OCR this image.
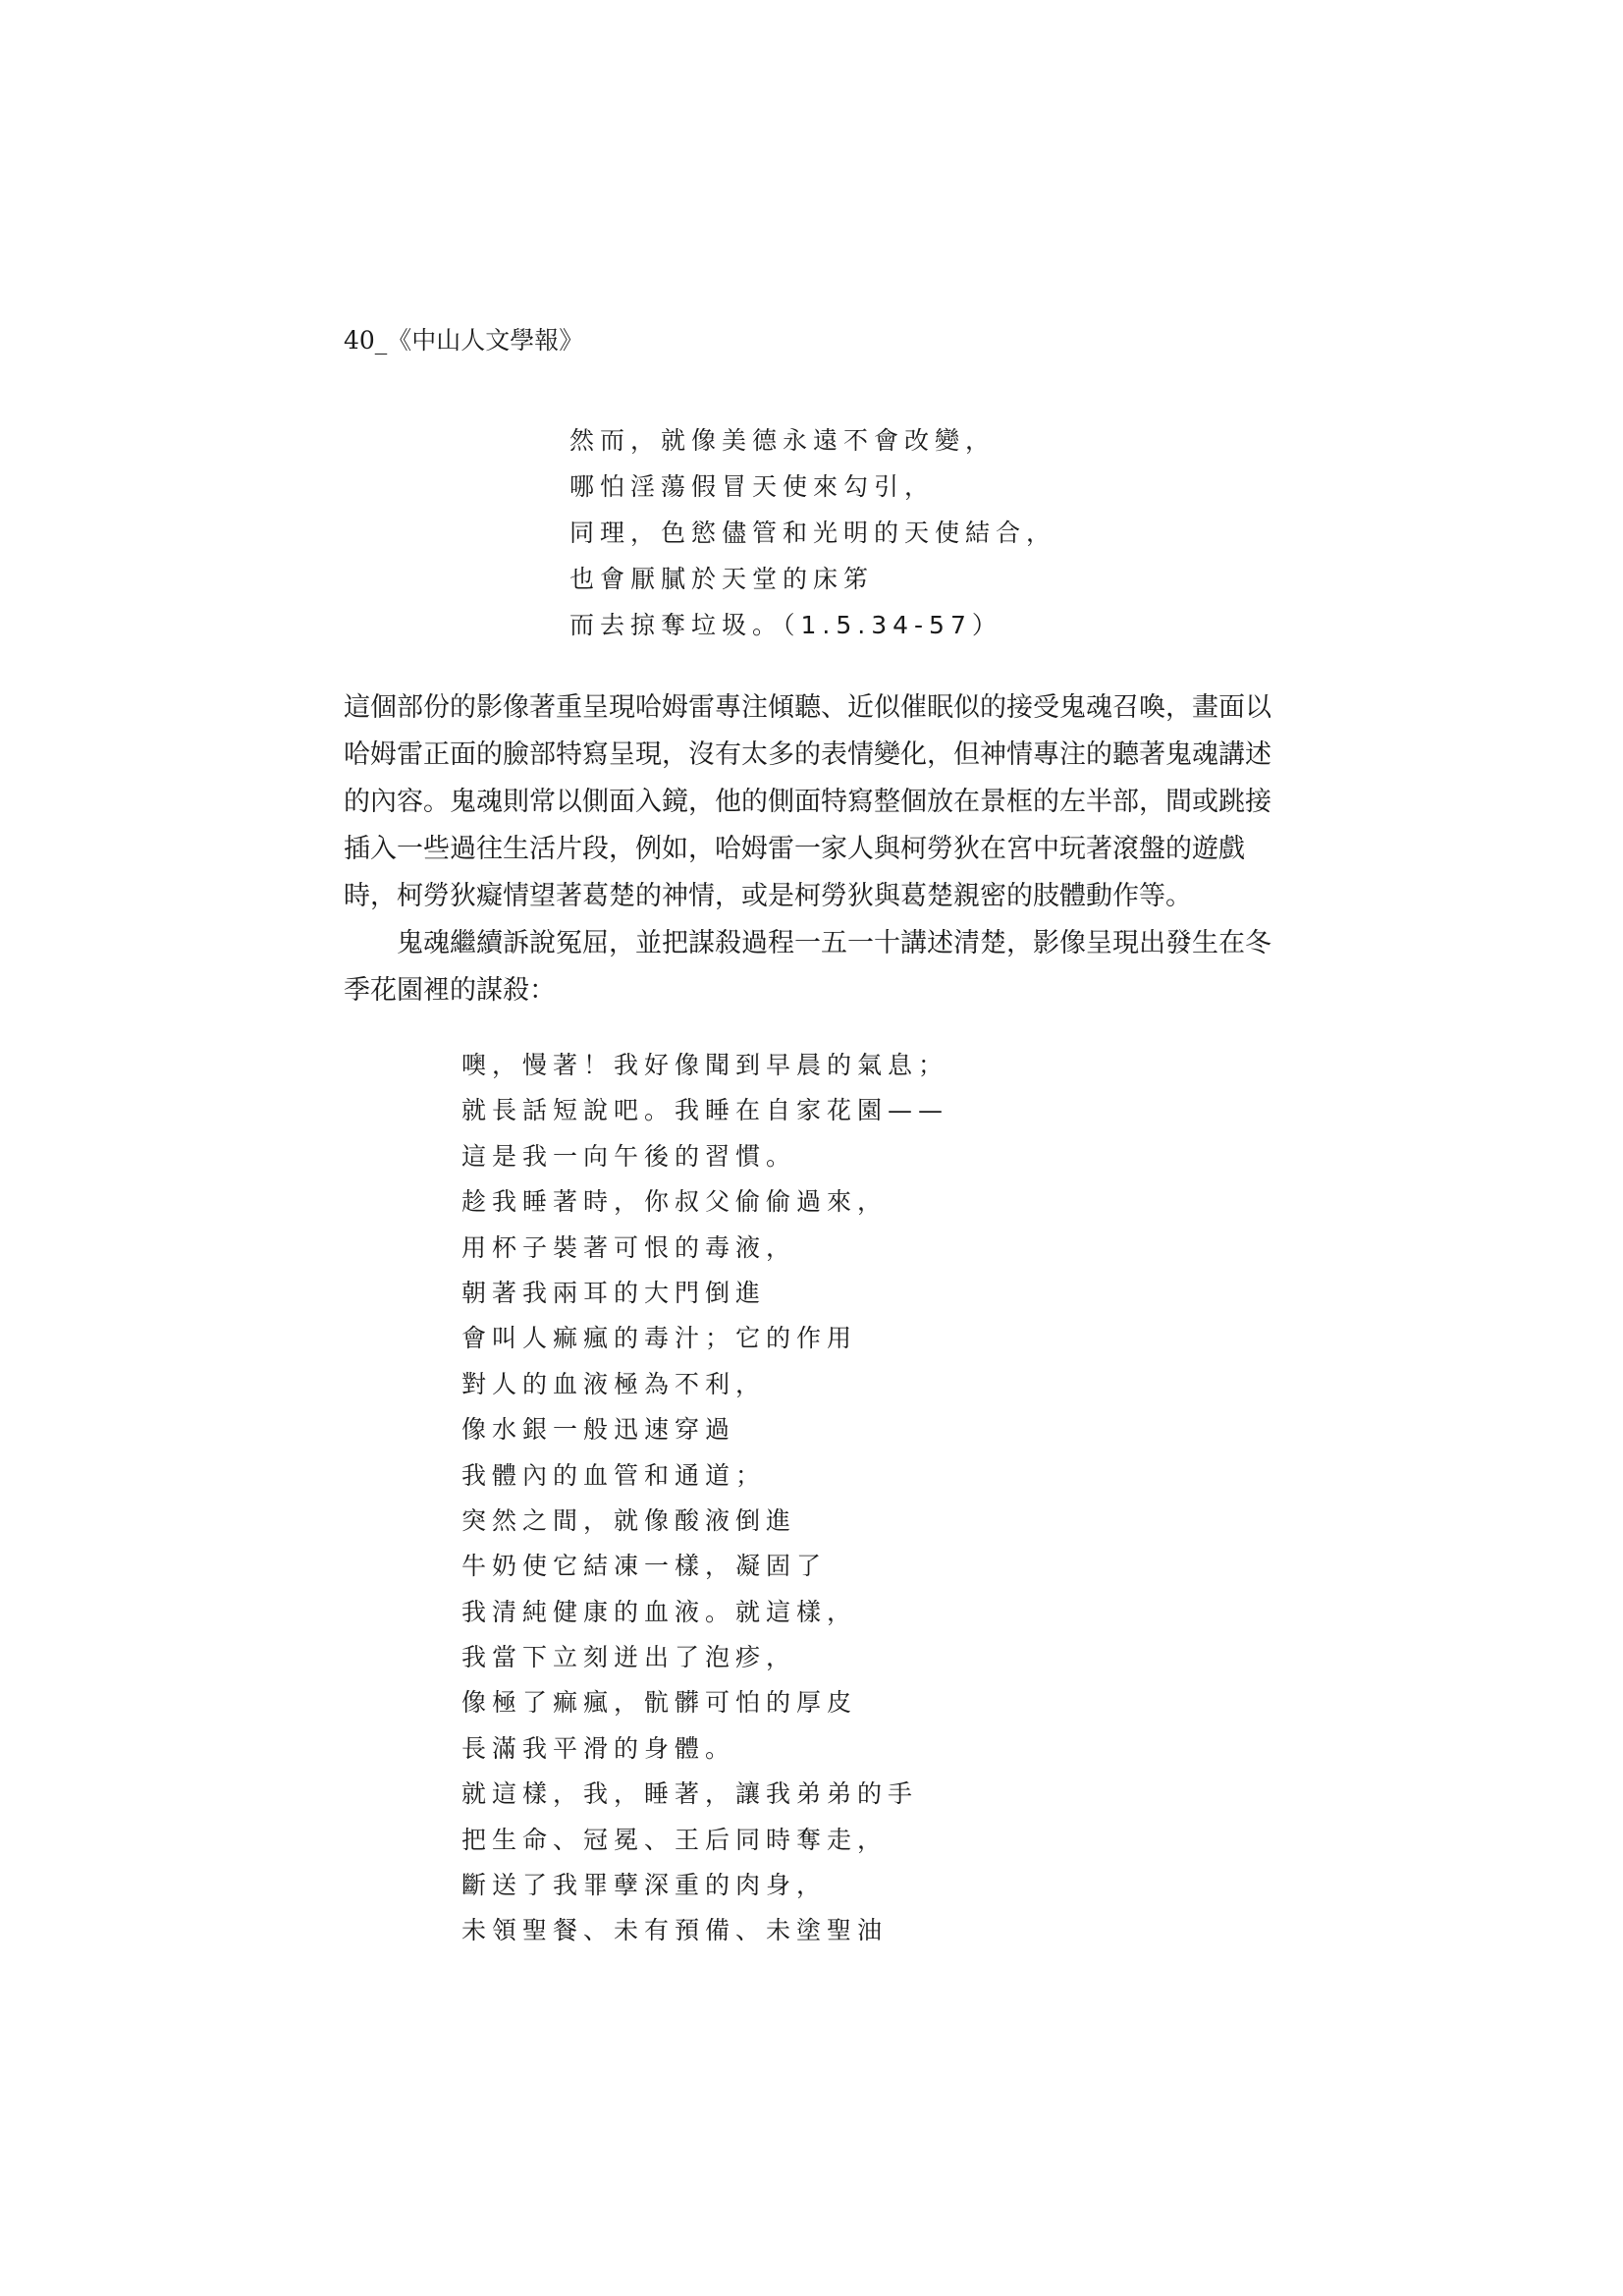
40_《中山人文學報》
然而，就像美德永遠不會改變，
哪怕淫蕩假冒天使來勾引，
同理，色慾儘管和光明的天使結合，
也會厭膩於天堂的床笫
而去掠奪垃圾。（1.5.34-57）
這個部份的影像著重呈現哈姆雷專注傾聽、近似催眠似的接受鬼魂召喚，畫面以
哈姆雷正面的臉部特寫呈現，沒有太多的表情變化，但神情專注的聽著鬼魂講述
的內容。鬼魂則常以側面入鏡，他的側面特寫整個放在景框的左半部，間或跳接
插入一些過往生活片段，例如，哈姆雷一家人與柯勞狄在宮中玩著滾盤的遊戲
時，柯勞狄癡情望著葛楚的神情，或是柯勞狄與葛楚親密的肢體動作等。
鬼魂繼續訴說冤屈，並把謀殺過程一五一十講述清楚，影像呈現出發生在冬
季花園裡的謀殺：
噢，慢著！我好像聞到早晨的氣息；
就長話短說吧。我睡在自家花園——
這是我一向午後的習慣。
趁我睡著時，你叔父偷偷過來，
用杯子裝著可恨的毒液，
朝著我兩耳的大門倒進
會叫人痲瘋的毒汁；它的作用
對人的血液極為不利，
像水銀一般迅速穿過
我體內的血管和通道；
突然之間，就像酸液倒進
牛奶使它結凍一樣，凝固了
我清純健康的血液。就這樣，
我當下立刻迸出了泡疹，
像極了痲瘋，骯髒可怕的厚皮
長滿我平滑的身體。
就這樣，我，睡著，讓我弟弟的手
把生命、冠冕、王后同時奪走，
斷送了我罪孽深重的肉身，
未領聖餐、未有預備、未塗聖油
